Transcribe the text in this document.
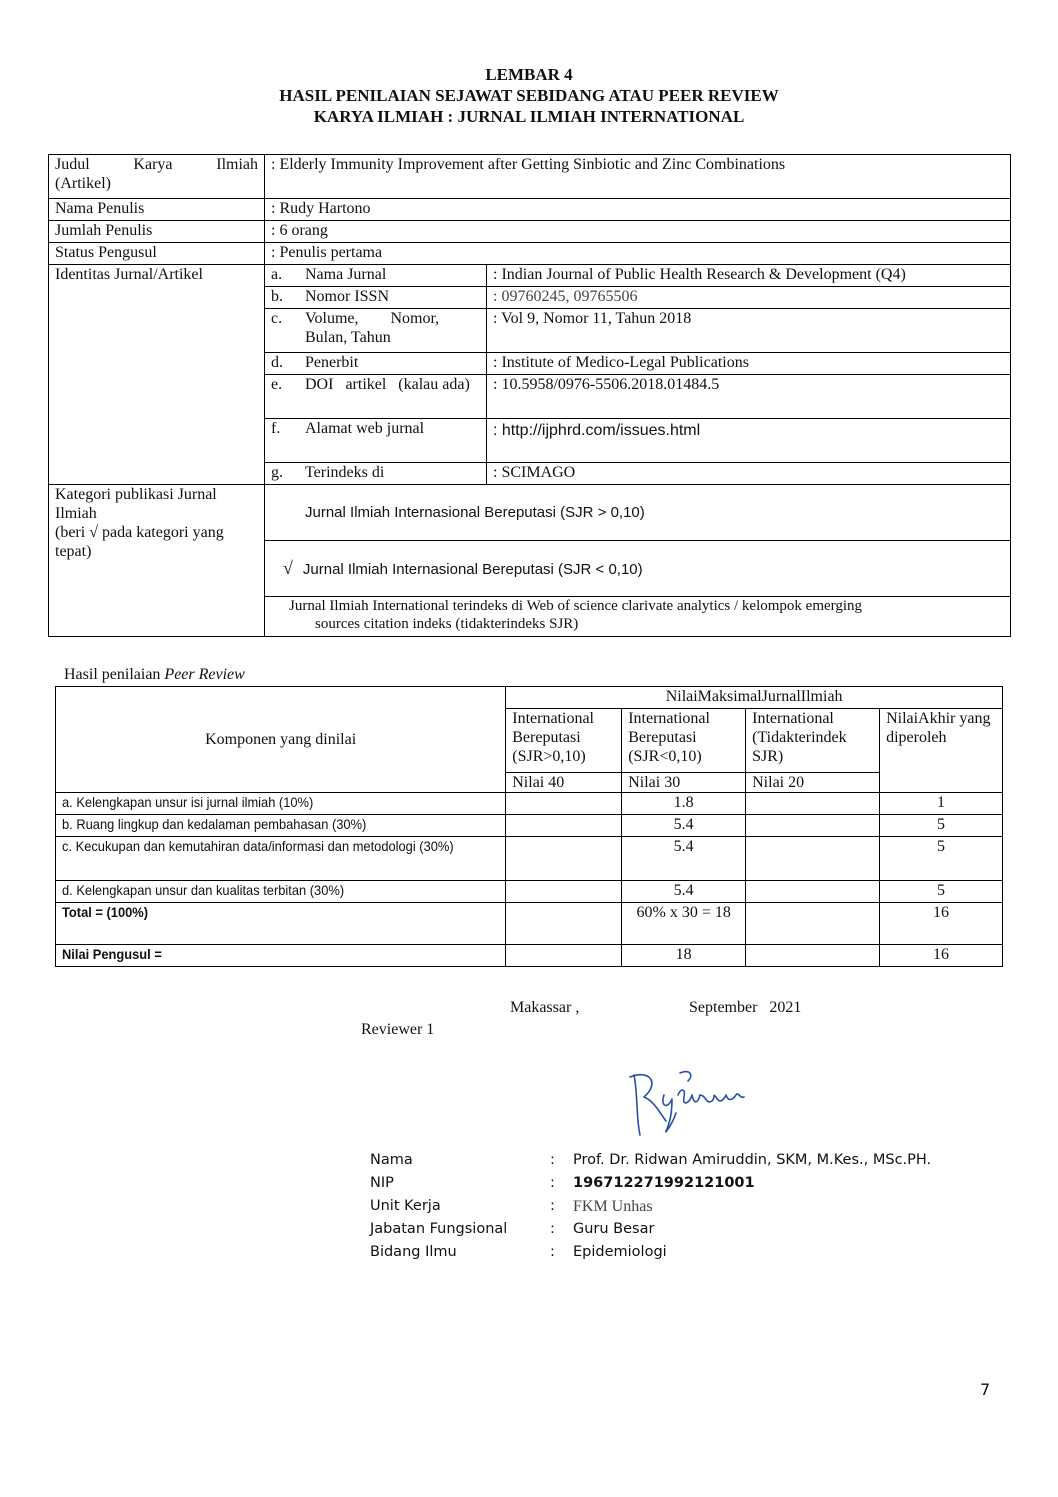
LEMBAR 4
HASIL PENILAIAN SEJAWAT SEBIDANG ATAU PEER REVIEW
KARYA ILMIAH : JURNAL ILMIAH INTERNATIONAL
Judul Karya Ilmiah
(Artikel)	: Elderly Immunity Improvement after Getting Sinbiotic and Zinc Combinations		
Nama Penulis	: Rudy Hartono		
Jumlah Penulis	: 6 orang		
Status Pengusul	: Penulis pertama		
Identitas Jurnal/Artikel	a.	Nama Jurnal	: Indian Journal of Public Health Research & Development (Q4)
	b.	Nomor ISSN	: 09760245, 09765506
	c.	Volume,        Nomor, Bulan, Tahun	: Vol 9, Nomor 11, Tahun 2018
	d.	Penerbit	: Institute of Medico-Legal Publications
	e.	DOI   artikel   (kalau ada)	: 10.5958/0976-5506.2018.01484.5
	f.	Alamat web jurnal	: http://ijphrd.com/issues.html
	g.	Terindeks di	: SCIMAGO
Kategori publikasi Jurnal Ilmiah
(beri √ pada kategori yang tepat)	Jurnal Ilmiah Internasional Bereputasi (SJR > 0,10)		
	√ Jurnal Ilmiah Internasional Bereputasi (SJR < 0,10)		

	Jurnal Ilmiah International terindeks di Web of science clarivate analytics / kelompok emerging
sources citation indeks (tidakterindeks SJR)		
Hasil penilaian Peer Review
Komponen yang dinilai	NilaiMaksimalJurnalIlmiah			
	International Bereputasi (SJR>0,10)	International Bereputasi (SJR<0,10)	International (Tidakterindek SJR)	NilaiAkhir yang diperoleh
	Nilai 40	Nilai 30	Nilai 20	

a. Kelengkapan unsur isi jurnal ilmiah (10%)		1.8		1

b. Ruang lingkup dan kedalaman pembahasan (30%)		5.4		5

c. Kecukupan dan kemutahiran data/informasi dan metodologi (30%)		5.4		5

d. Kelengkapan unsur dan kualitas terbitan (30%)		5.4		5

Total = (100%)		60% x 30 = 18		16

Nilai Pengusul =		18		16
Makassar ,	September   2021
Reviewer 1
Nama	: Prof. Dr. Ridwan Amiruddin, SKM, M.Kes., MSc.PH.
NIP	: 196712271992121001
Unit Kerja	: FKM Unhas
Jabatan Fungsional	: Guru Besar
Bidang Ilmu	: Epidemiologi
7
